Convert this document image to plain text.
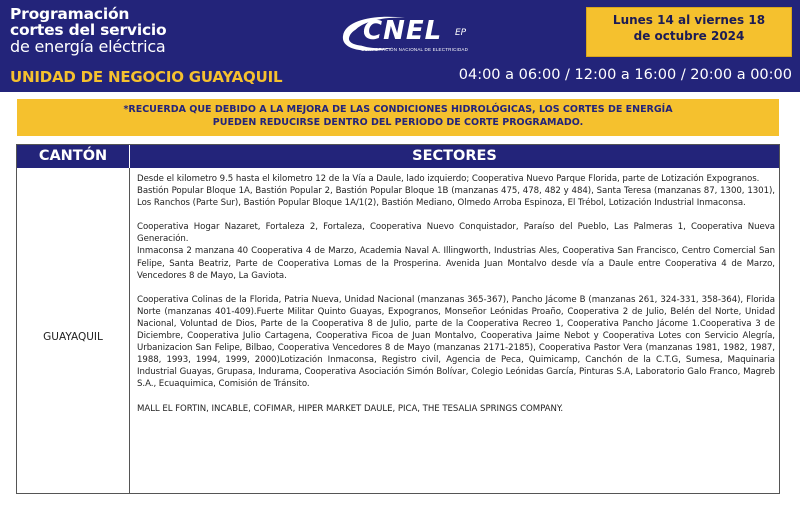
Programación
cortes del servicio
de energía eléctrica
UNIDAD DE NEGOCIO GUAYAQUIL
CNEL EP
CORPORACIÓN NACIONAL DE ELECTRICIDAD
Lunes 14 al viernes 18
de octubre 2024
04:00 a 06:00 / 12:00 a 16:00 / 20:00 a 00:00
*RECUERDA QUE DEBIDO A LA MEJORA DE LAS CONDICIONES HIDROLÓGICAS, LOS CORTES DE ENERGÍA
PUEDEN REDUCIRSE DENTRO DEL PERIODO DE CORTE PROGRAMADO.
CANTÓN	SECTORES
GUAYAQUIL

Desde el kilometro 9.5 hasta el kilometro 12 de la Vía a Daule, lado izquierdo; Cooperativa Nuevo Parque Florida, parte de Lotización Expogranos.

Bastión Popular Bloque 1A, Bastión Popular 2, Bastión Popular Bloque 1B (manzanas 475, 478, 482 y 484), Santa Teresa (manzanas 87, 1300, 1301), Los Ranchos (Parte Sur), Bastión Popular Bloque 1A/1(2), Bastión Mediano, Olmedo Arroba Espinoza, El Trébol, Lotización Industrial Inmaconsa.

Cooperativa Hogar Nazaret, Fortaleza 2, Fortaleza, Cooperativa Nuevo Conquistador, Paraíso del Pueblo, Las Palmeras 1, Cooperativa Nueva Generación.

Inmaconsa 2 manzana 40 Cooperativa 4 de Marzo, Academia Naval A. Illingworth, Industrias Ales, Cooperativa San Francisco, Centro Comercial San Felipe, Santa Beatriz, Parte de Cooperativa Lomas de la Prosperina. Avenida Juan Montalvo desde vía a Daule entre Cooperativa 4 de Marzo, Vencedores 8 de Mayo, La Gaviota.

Cooperativa Colinas de la Florida, Patria Nueva, Unidad Nacional (manzanas 365-367), Pancho Jácome B (manzanas 261, 324-331, 358-364), Florida Norte (manzanas 401-409).Fuerte Militar Quinto Guayas, Expogranos, Monseñor Leónidas Proaño, Cooperativa 2 de Julio, Belén del Norte, Unidad Nacional, Voluntad de Dios, Parte de la Cooperativa 8 de Julio, parte de la Cooperativa Recreo 1, Cooperativa Pancho Jácome 1.Cooperativa 3 de Diciembre, Cooperativa Julio Cartagena, Cooperativa Ficoa de Juan Montalvo, Cooperativa Jaime Nebot y Cooperativa Lotes con Servicio Alegría, Urbanizacion San Felipe, Bilbao, Cooperativa Vencedores 8 de Mayo (manzanas 2171-2185), Cooperativa Pastor Vera (manzanas 1981, 1982, 1987, 1988, 1993, 1994, 1999, 2000)Lotización Inmaconsa, Registro civil, Agencia de Peca, Quimicamp, Canchón de la C.T.G, Sumesa, Maquinaria Industrial Guayas, Grupasa, Indurama, Cooperativa Asociación Simón Bolívar, Colegio Leónidas García, Pinturas S.A, Laboratorio Galo Franco, Magreb S.A., Ecuaquimica, Comisión de Tránsito.

MALL EL FORTIN, INCABLE, COFIMAR, HIPER MARKET DAULE, PICA, THE TESALIA SPRINGS COMPANY.
